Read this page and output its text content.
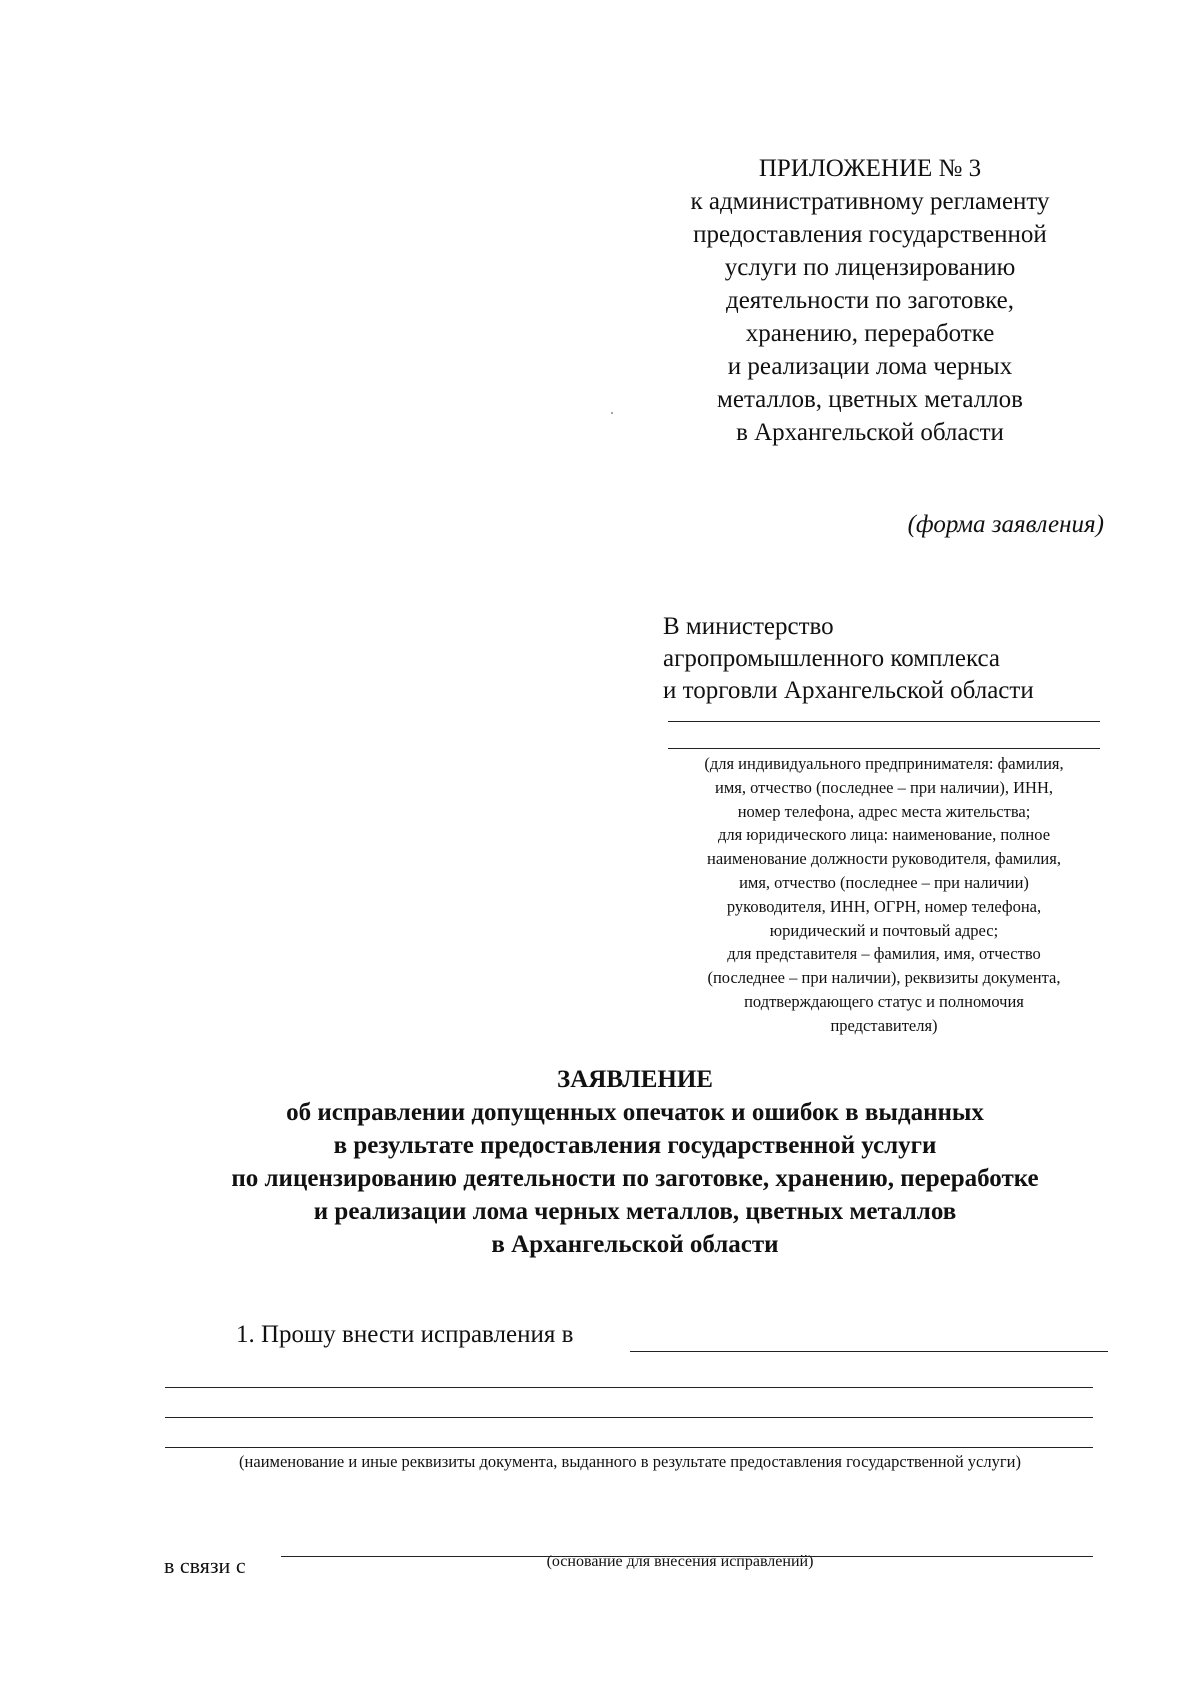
ПРИЛОЖЕНИЕ № 3
к административному регламенту
предоставления государственной
услуги по лицензированию
деятельности по заготовке,
хранению, переработке
и реализации лома черных
металлов, цветных металлов
в Архангельской области
(форма заявления)
В министерство
агропромышленного комплекса
и торговли Архангельской области
(для индивидуального предпринимателя: фамилия,
имя, отчество (последнее – при наличии), ИНН,
номер телефона, адрес места жительства;
для юридического лица: наименование, полное
наименование должности руководителя, фамилия,
имя, отчество (последнее – при наличии)
руководителя, ИНН, ОГРН, номер телефона,
юридический и почтовый адрес;
для представителя – фамилия, имя, отчество
(последнее – при наличии), реквизиты документа,
подтверждающего статус и полномочия
представителя)
ЗАЯВЛЕНИЕ
об исправлении допущенных опечаток и ошибок в выданных
в результате предоставления государственной услуги
по лицензированию деятельности по заготовке, хранению, переработке
и реализации лома черных металлов, цветных металлов
в Архангельской области
1. Прошу внести исправления в
(наименование и иные реквизиты документа, выданного в результате предоставления государственной услуги)
в связи с	(основание для внесения исправлений)
